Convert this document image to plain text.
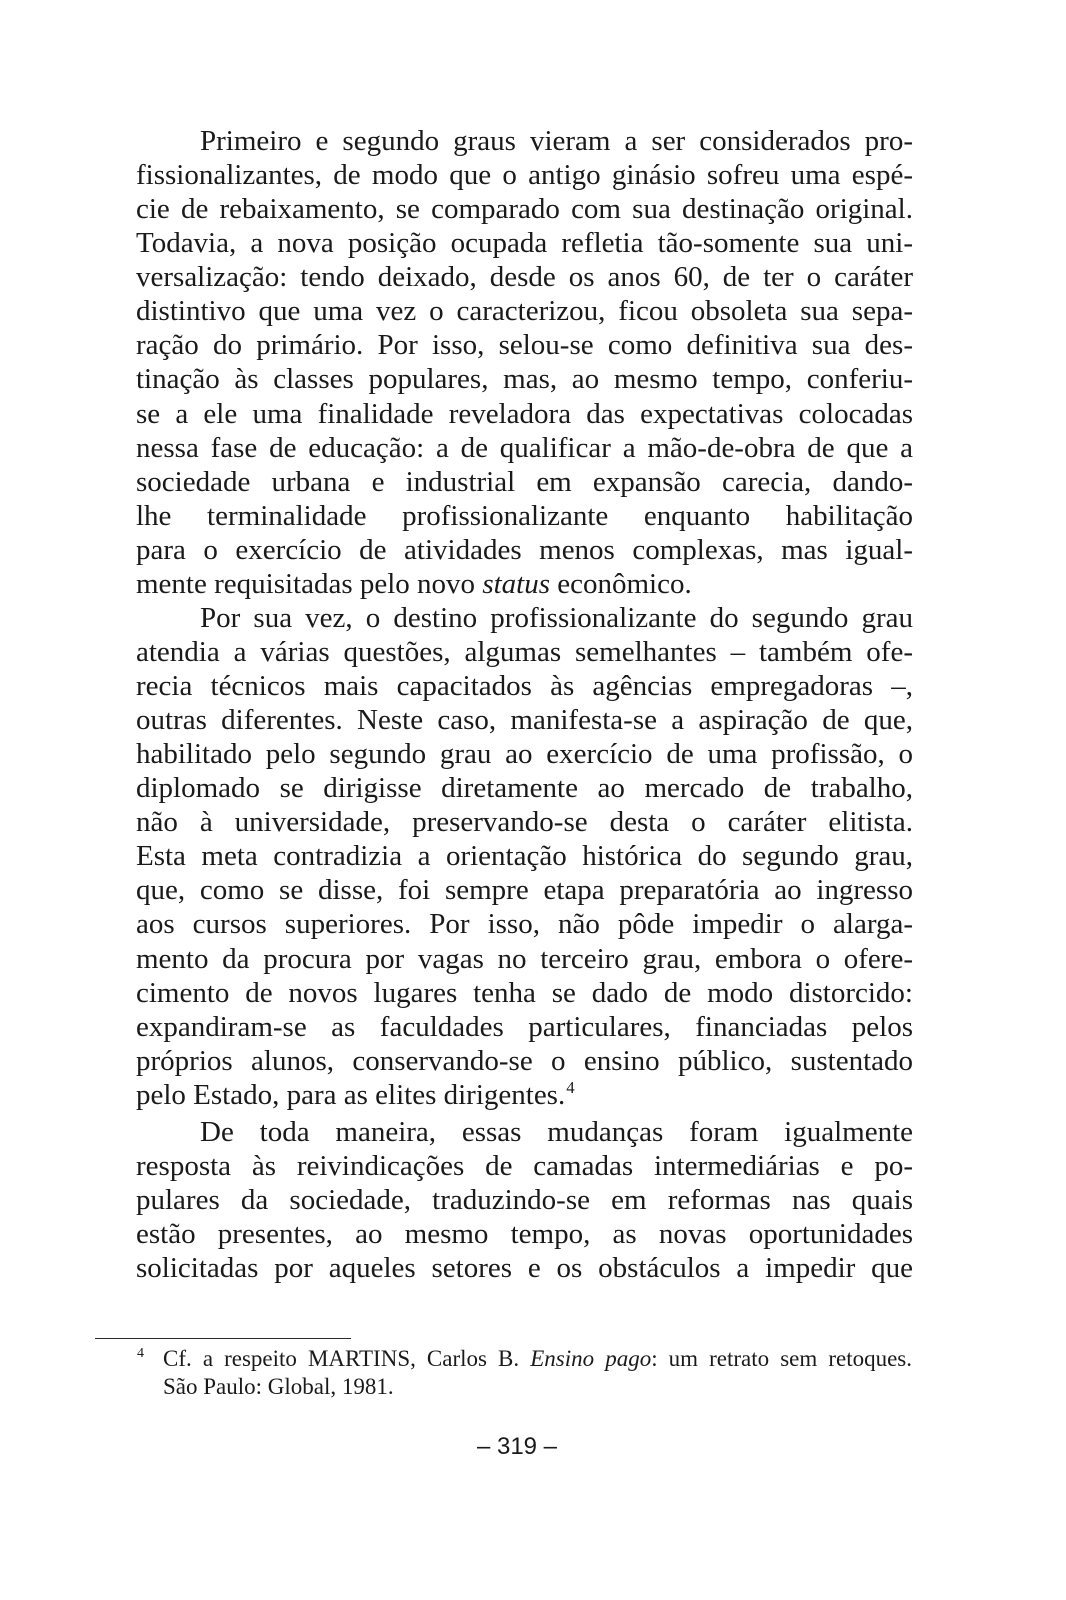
Primeiro e segundo graus vieram a ser considerados pro-
fissionalizantes, de modo que o antigo ginásio sofreu uma espé-
cie de rebaixamento, se comparado com sua destinação original.
Todavia, a nova posição ocupada refletia tão-somente sua uni-
versalização: tendo deixado, desde os anos 60, de ter o caráter
distintivo que uma vez o caracterizou, ficou obsoleta sua sepa-
ração do primário. Por isso, selou-se como definitiva sua des-
tinação às classes populares, mas, ao mesmo tempo, conferiu-
se a ele uma finalidade reveladora das expectativas colocadas
nessa fase de educação: a de qualificar a mão-de-obra de que a
sociedade urbana e industrial em expansão carecia, dando-
lhe terminalidade profissionalizante enquanto habilitação
para o exercício de atividades menos complexas, mas igual-
mente requisitadas pelo novo status econômico.
Por sua vez, o destino profissionalizante do segundo grau
atendia a várias questões, algumas semelhantes – também ofe-
recia técnicos mais capacitados às agências empregadoras –,
outras diferentes. Neste caso, manifesta-se a aspiração de que,
habilitado pelo segundo grau ao exercício de uma profissão, o
diplomado se dirigisse diretamente ao mercado de trabalho,
não à universidade, preservando-se desta o caráter elitista.
Esta meta contradizia a orientação histórica do segundo grau,
que, como se disse, foi sempre etapa preparatória ao ingresso
aos cursos superiores. Por isso, não pôde impedir o alarga-
mento da procura por vagas no terceiro grau, embora o ofere-
cimento de novos lugares tenha se dado de modo distorcido:
expandiram-se as faculdades particulares, financiadas pelos
próprios alunos, conservando-se o ensino público, sustentado
pelo Estado, para as elites dirigentes.$^4$
De toda maneira, essas mudanças foram igualmente
resposta às reivindicações de camadas intermediárias e po-
pulares da sociedade, traduzindo-se em reformas nas quais
estão presentes, ao mesmo tempo, as novas oportunidades
solicitadas por aqueles setores e os obstáculos a impedir que
4 Cf. a respeito MARTINS, Carlos B. Ensino pago: um retrato sem retoques.
São Paulo: Global, 1981.
– 319 –
